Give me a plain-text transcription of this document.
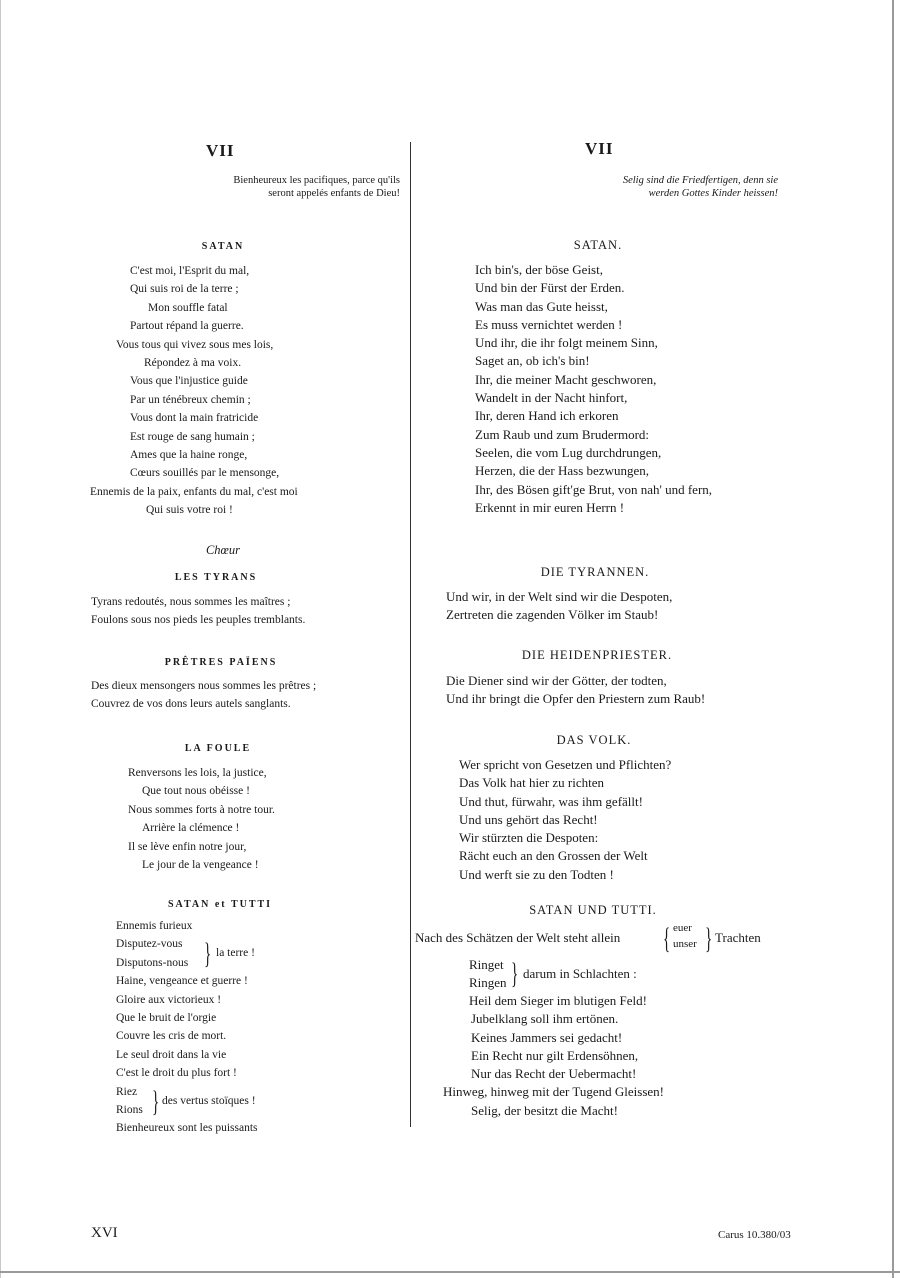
VII
Bienheureux les pacifiques, parce qu'ils
seront appelés enfants de Dieu!
SATAN
C'est moi, l'Esprit du mal,
Qui suis roi de la terre ;
Mon souffle fatal
Partout répand la guerre.
Vous tous qui vivez sous mes lois,
Répondez à ma voix.
Vous que l'injustice guide
Par un ténébreux chemin ;
Vous dont la main fratricide
Est rouge de sang humain ;
Ames que la haine ronge,
Cœurs souillés par le mensonge,
Ennemis de la paix, enfants du mal, c'est moi
Qui suis votre roi !
Chœur
LES TYRANS
Tyrans redoutés, nous sommes les maîtres ;
Foulons sous nos pieds les peuples tremblants.
PRÊTRES PAÏENS
Des dieux mensongers nous sommes les prêtres ;
Couvrez de vos dons leurs autels sanglants.
LA FOULE
Renversons les lois, la justice,
Que tout nous obéisse !
Nous sommes forts à notre tour.
Arrière la clémence !
Il se lève enfin notre jour,
Le jour de la vengeance !
SATAN et TUTTI
Ennemis furieux
Disputez-vous
Disputons-nous } la terre !
Haine, vengeance et guerre !
Gloire aux victorieux !
Que le bruit de l'orgie
Couvre les cris de mort.
Le seul droit dans la vie
C'est le droit du plus fort !
Riez
Rions } des vertus stoïques !
Bienheureux sont les puissants
VII
Selig sind die Friedfertigen, denn sie
werden Gottes Kinder heissen!
SATAN.
Ich bin's, der böse Geist,
Und bin der Fürst der Erden.
Was man das Gute heisst,
Es muss vernichtet werden !
Und ihr, die ihr folgt meinem Sinn,
Saget an, ob ich's bin!
Ihr, die meiner Macht geschworen,
Wandelt in der Nacht hinfort,
Ihr, deren Hand ich erkoren
Zum Raub und zum Brudermord:
Seelen, die vom Lug durchdrungen,
Herzen, die der Hass bezwungen,
Ihr, des Bösen gift'ge Brut, von nah' und fern,
Erkennt in mir euren Herrn !
DIE TYRANNEN.
Und wir, in der Welt sind wir die Despoten,
Zertreten die zagenden Völker im Staub!
DIE HEIDENPRIESTER.
Die Diener sind wir der Götter, der todten,
Und ihr bringt die Opfer den Priestern zum Raub!
DAS VOLK.
Wer spricht von Gesetzen und Pflichten?
Das Volk hat hier zu richten
Und thut, fürwahr, was ihm gefällt!
Und uns gehört das Recht!
Wir stürzten die Despoten:
Rächt euch an den Grossen der Welt
Und werft sie zu den Todten !
SATAN UND TUTTI.
Nach des Schätzen der Welt steht allein { euer
unser } Trachten
Ringet
Ringen } darum in Schlachten :
Heil dem Sieger im blutigen Feld!
Jubelklang soll ihm ertönen.
Keines Jammers sei gedacht!
Ein Recht nur gilt Erdensöhnen,
Nur das Recht der Uebermacht!
Hinweg, hinweg mit der Tugend Gleissen!
Selig, der besitzt die Macht!
XVI	Carus 10.380/03
